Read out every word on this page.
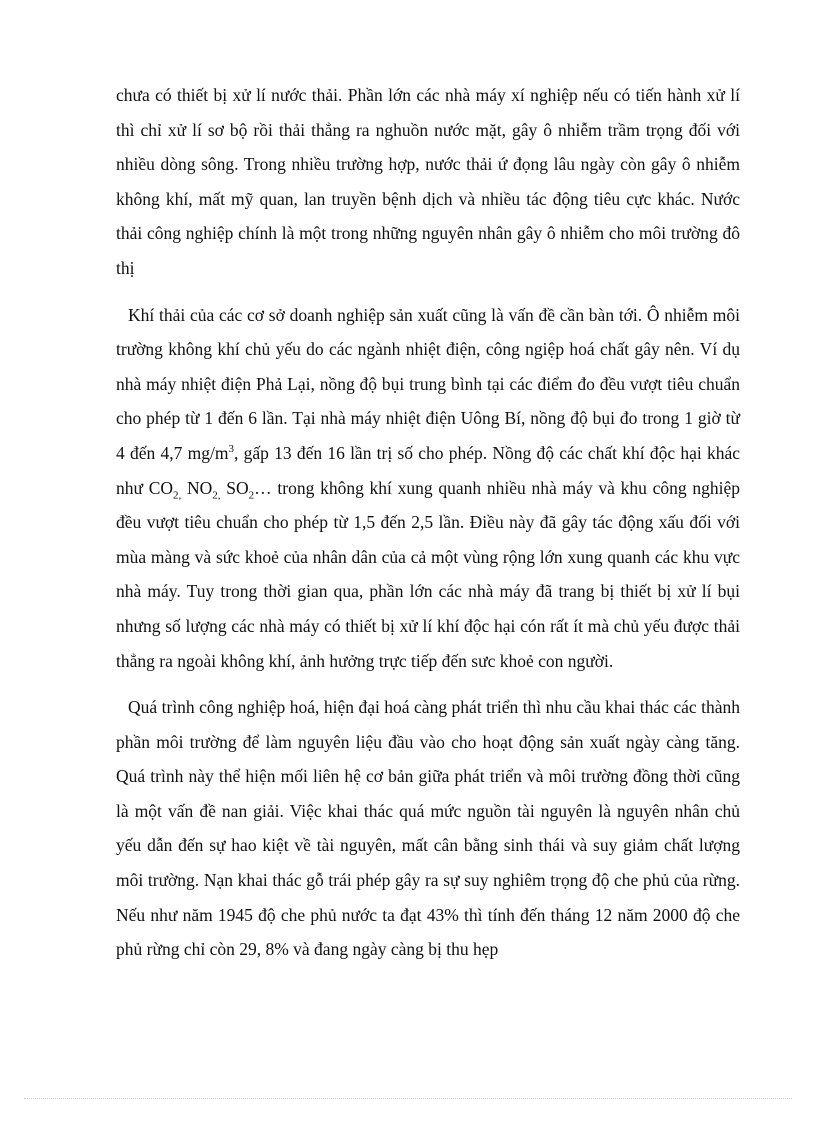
chưa có thiết bị xử lí nước thải. Phần lớn các nhà máy xí nghiệp nếu có tiến hành xử lí thì chỉ xử lí sơ bộ rồi thải thẳng ra nghuồn nước mặt, gây ô nhiễm trầm trọng đối với nhiều dòng sông. Trong nhiều trường hợp, nước thải ứ đọng lâu ngày còn gây ô nhiễm không khí, mất mỹ quan, lan truyền bệnh dịch và nhiều tác động tiêu cực khác. Nước thải công nghiệp chính là một trong những nguyên nhân gây ô nhiễm cho môi trường đô thị

Khí thải của các cơ sở doanh nghiệp sản xuất cũng là vấn đề cần bàn tới. Ô nhiễm môi trường không khí chủ yếu do các ngành nhiệt điện, công ngiệp hoá chất gây nên. Ví dụ nhà máy nhiệt điện Phả Lại, nồng độ bụi trung bình tại các điểm đo đều vượt tiêu chuẩn cho phép từ 1 đến 6 lần. Tại nhà máy nhiệt điện Uông Bí, nồng độ bụi đo trong 1 giờ từ 4 đến 4,7 $mg/m^3$, gấp 13 đến 16 lần trị số cho phép. Nồng độ các chất khí độc hại khác như $CO_{2,}$ $NO_{2,}$ $SO_2\dots$ trong không khí xung quanh nhiều nhà máy và khu công nghiệp đều vượt tiêu chuẩn cho phép từ 1,5 đến 2,5 lần. Điều này đã gây tác động xấu đối với mùa màng và sức khoẻ của nhân dân của cả một vùng rộng lớn xung quanh các khu vực nhà máy. Tuy trong thời gian qua, phần lớn các nhà máy đã trang bị thiết bị xử lí bụi nhưng số lượng các nhà máy có thiết bị xử lí khí độc hại cón rất ít mà chủ yếu được thải thẳng ra ngoài không khí, ảnh hưởng trực tiếp đến sưc khoẻ con người.

Quá trình công nghiệp hoá, hiện đại hoá càng phát triển thì nhu cầu khai thác các thành phần môi trường để làm nguyên liệu đầu vào cho hoạt động sản xuất ngày càng tăng. Quá trình này thể hiện mối liên hệ cơ bản giữa phát triển và môi trường đồng thời cũng là một vấn đề nan giải. Việc khai thác quá mức nguồn tài nguyên là nguyên nhân chủ yếu dẫn đến sự hao kiệt về tài nguyên, mất cân bằng sinh thái và suy giảm chất lượng môi trường. Nạn khai thác gỗ trái phép gây ra sự suy nghiêm trọng độ che phủ của rừng. Nếu như năm 1945 độ che phủ nước ta đạt 43% thì tính đến tháng 12 năm 2000 độ che phủ rừng chỉ còn 29, 8% và đang ngày càng bị thu hẹp
